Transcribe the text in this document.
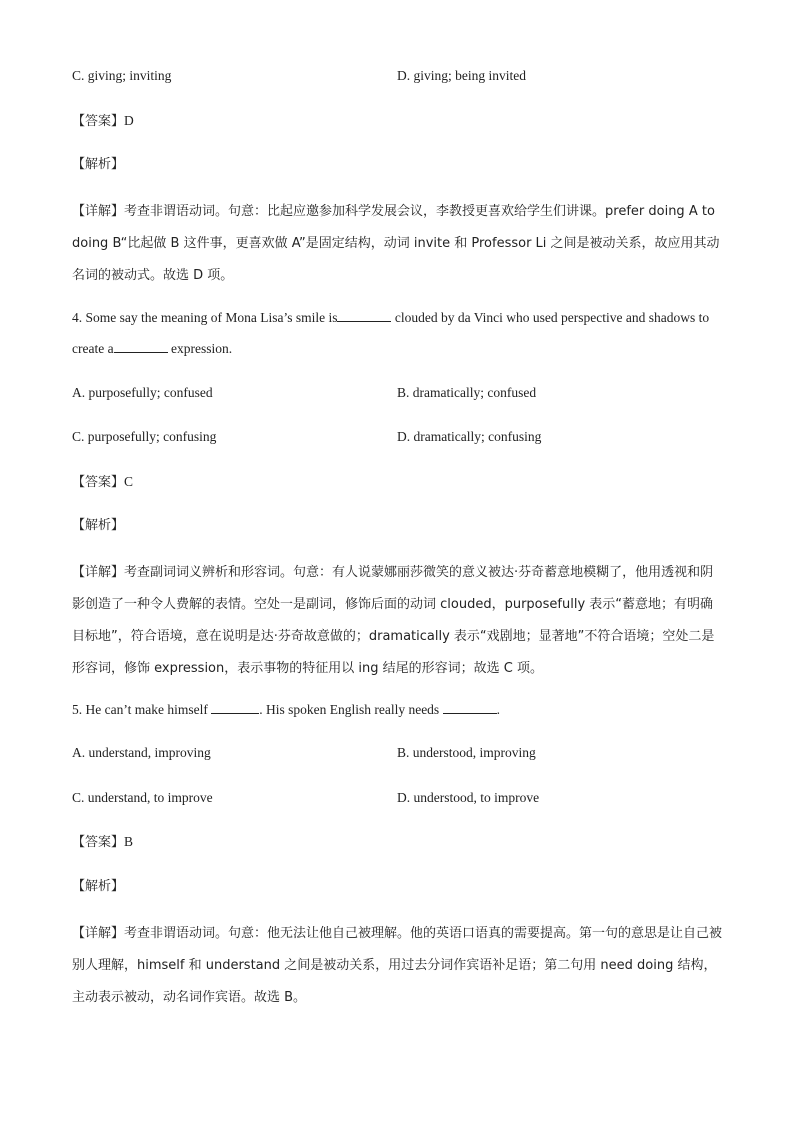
C. giving; inviting	D. giving; being invited
【答案】D
【解析】
【详解】考查非谓语动词。句意：比起应邀参加科学发展会议，李教授更喜欢给学生们讲课。prefer doing A to doing B“比起做 B 这件事，更喜欢做 A”是固定结构，动词 invite 和 Professor Li 之间是被动关系，故应用其动名词的被动式。故选 D 项。
4. Some say the meaning of Mona Lisa’s smile is	clouded by da Vinci who used perspective and shadows to create a	expression.
A. purposefully; confused	B. dramatically; confused
C. purposefully; confusing	D. dramatically; confusing
【答案】C
【解析】
【详解】考查副词词义辨析和形容词。句意：有人说蒙娜丽莎微笑的意义被达·芬奇蓄意地模糊了，他用透视和阴影创造了一种令人费解的表情。空处一是副词，修饰后面的动词 clouded，purposefully 表示“蓄意地；有明确目标地”，符合语境，意在说明是达·芬奇故意做的；dramatically 表示“戏剧地；显著地”不符合语境；空处二是形容词，修饰 expression，表示事物的特征用以 ing 结尾的形容词；故选 C 项。
5. He can’t make himself	. His spoken English really needs	.
A. understand, improving	B. understood, improving
C. understand, to improve	D. understood, to improve
【答案】B
【解析】
【详解】考查非谓语动词。句意：他无法让他自己被理解。他的英语口语真的需要提高。第一句的意思是让自己被别人理解，himself 和 understand 之间是被动关系，用过去分词作宾语补足语；第二句用 need doing 结构，主动表示被动，动名词作宾语。故选 B。
